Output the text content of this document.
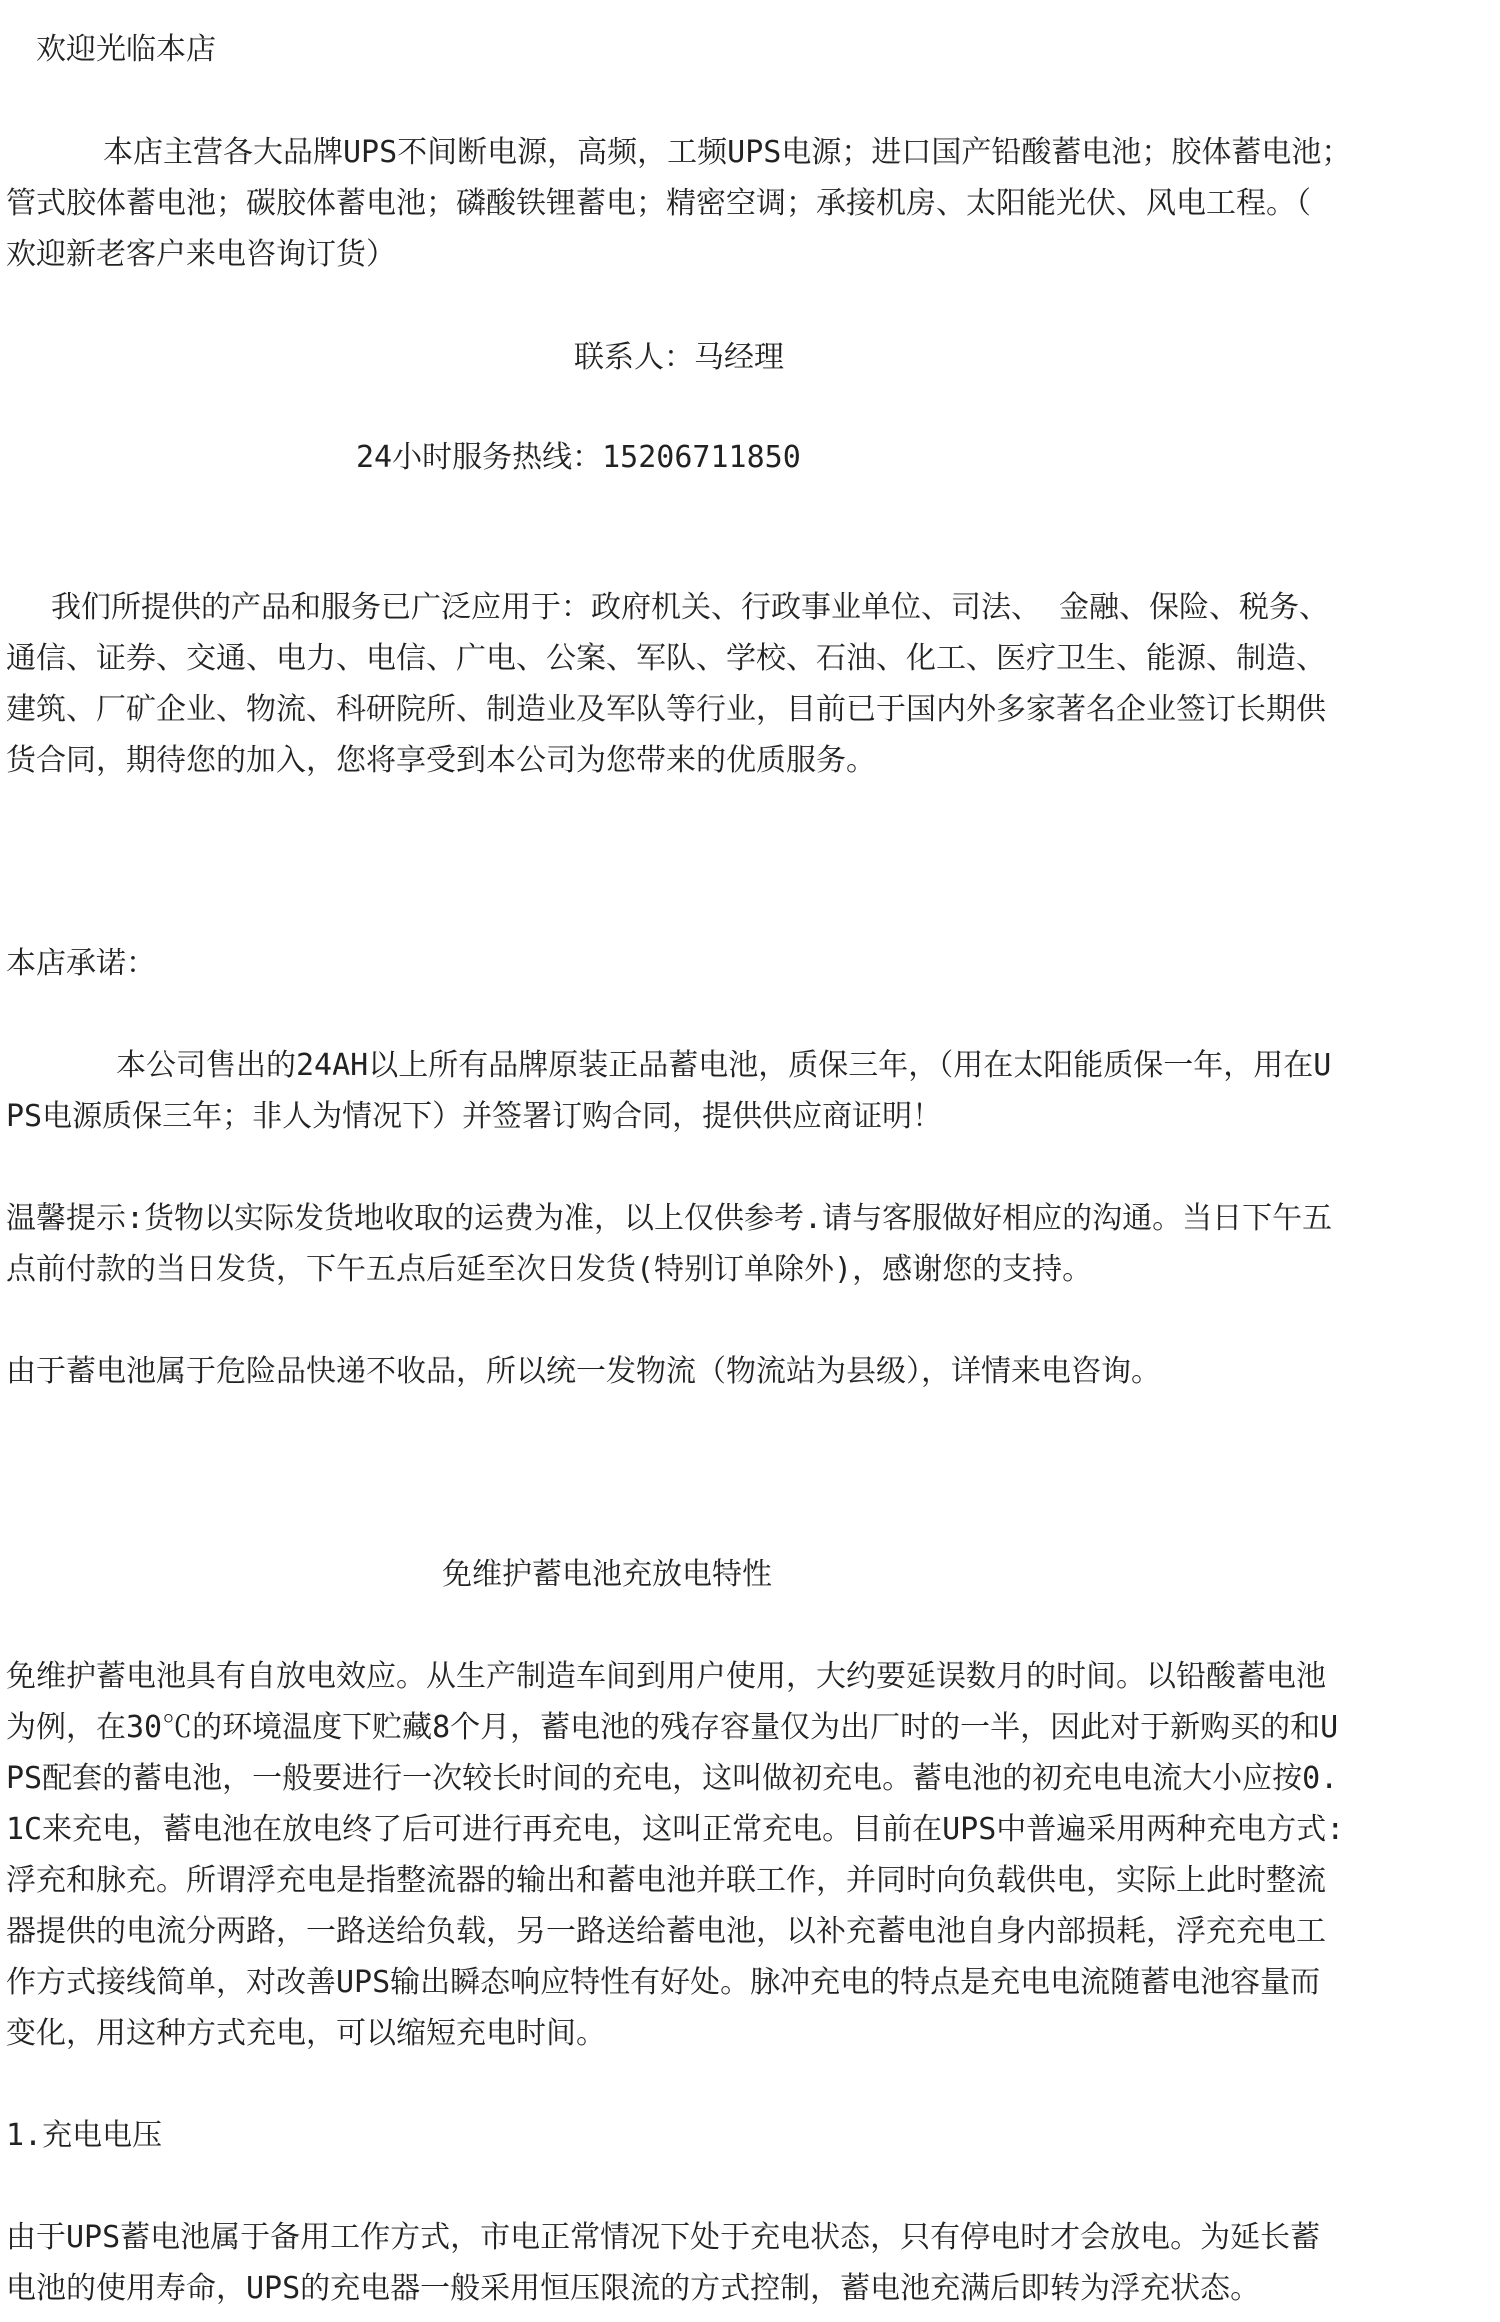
欢迎光临本店

本店主营各大品牌UPS不间断电源，高频，工频UPS电源；进口国产铅酸蓄电池；胶体蓄电池；

管式胶体蓄电池；碳胶体蓄电池；磷酸铁锂蓄电；精密空调；承接机房、太阳能光伏、风电工程。（

欢迎新老客户来电咨询订货）

联系人：马经理

24小时服务热线：15206711850

我们所提供的产品和服务已广泛应用于：政府机关、行政事业单位、司法、 金融、保险、税务、

通信、证券、交通、电力、电信、广电、公案、军队、学校、石油、化工、医疗卫生、能源、制造、

建筑、厂矿企业、物流、科研院所、制造业及军队等行业，目前已于国内外多家著名企业签订长期供

货合同，期待您的加入，您将享受到本公司为您带来的优质服务。

本店承诺：

本公司售出的24AH以上所有品牌原装正品蓄电池，质保三年，（用在太阳能质保一年，用在U

PS电源质保三年；非人为情况下）并签署订购合同，提供供应商证明！

温馨提示:货物以实际发货地收取的运费为准，以上仅供参考.请与客服做好相应的沟通。当日下午五

点前付款的当日发货，下午五点后延至次日发货(特别订单除外)，感谢您的支持。

由于蓄电池属于危险品快递不收品，所以统一发物流（物流站为县级），详情来电咨询。

免维护蓄电池充放电特性

免维护蓄电池具有自放电效应。从生产制造车间到用户使用，大约要延误数月的时间。以铅酸蓄电池

为例，在30℃的环境温度下贮藏8个月，蓄电池的残存容量仅为出厂时的一半，因此对于新购买的和U

PS配套的蓄电池，一般要进行一次较长时间的充电，这叫做初充电。蓄电池的初充电电流大小应按0.

1C来充电，蓄电池在放电终了后可进行再充电，这叫正常充电。目前在UPS中普遍采用两种充电方式:

浮充和脉充。所谓浮充电是指整流器的输出和蓄电池并联工作，并同时向负载供电，实际上此时整流

器提供的电流分两路，一路送给负载，另一路送给蓄电池，以补充蓄电池自身内部损耗，浮充充电工

作方式接线简单，对改善UPS输出瞬态响应特性有好处。脉冲充电的特点是充电电流随蓄电池容量而

变化，用这种方式充电，可以缩短充电时间。

1.充电电压

由于UPS蓄电池属于备用工作方式，市电正常情况下处于充电状态，只有停电时才会放电。为延长蓄

电池的使用寿命，UPS的充电器一般采用恒压限流的方式控制，蓄电池充满后即转为浮充状态。
